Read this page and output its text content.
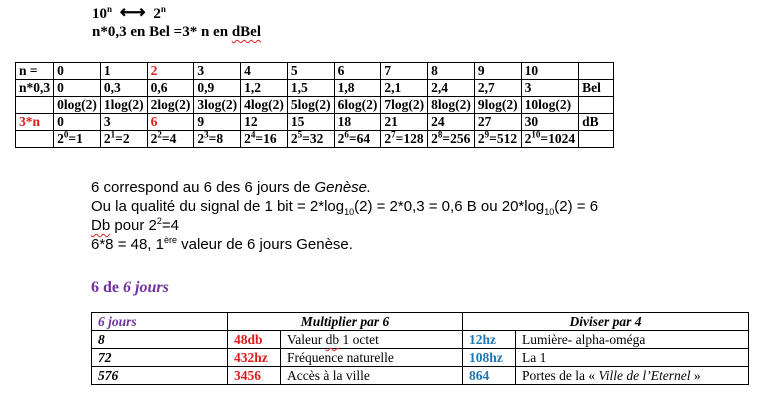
10$^n$ ⟷ 2$^n$
n*0,3 en Bel =3* n en dBel
n =	0	1	2	3	4	5	6	7	8	9	10	
n*0,3	0	0,3	0,6	0,9	1,2	1,5	1,8	2,1	2,4	2,7	3	Bel
	0log(2)	1log(2)	2log(2)	3log(2)	4log(2)	5log(2)	6log(2)	7log(2)	8log(2)	9log(2)	10log(2)	
3*n	0	3	6	9	12	15	18	21	24	27	30	dB
	$2^0=1$	$2^1=2$	$2^2=4$	$2^3=8$	$2^4=16$	$2^5=32$	$2^6=64$	$2^7=128$	$2^8=256$	$2^9=512$	$2^{10}=1024$	
6 correspond au 6 des 6 jours de Genèse.
Ou la qualité du signal de 1 bit = $2*\log_{10}(2) = 2*0,3 = 0,6$ B ou $20*\log_{10}(2) = 6$
Db pour $2^2=4$
6*8 = 48, 1ère valeur de 6 jours Genèse.
6 de 6 jours
6 jours	Multiplier par 6		Diviser par 4	
8	48db	Valeur db 1 octet	12hz	Lumière- alpha-oméga
72	432hz	Fréquence naturelle	108hz	La 1
576	3456	Accès à la ville	864	Portes de la « Ville de l’Eternel »
